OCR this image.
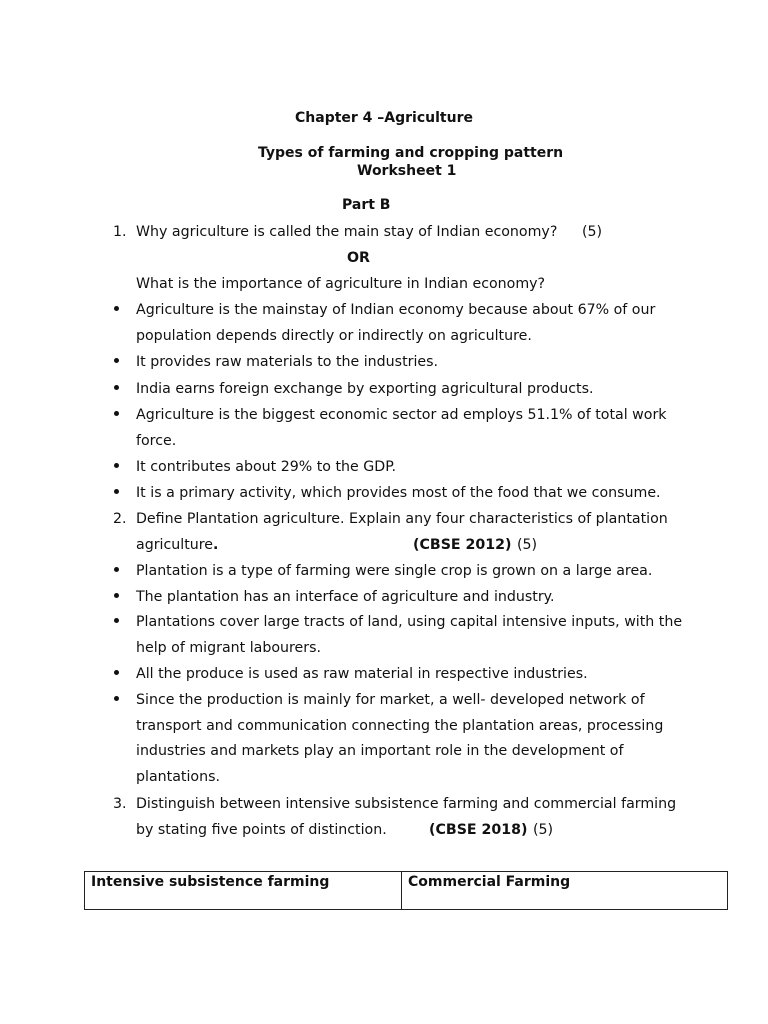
Chapter 4 –Agriculture
Types of farming and cropping pattern
Worksheet 1
Part B
1. Why agriculture is called the main stay of Indian economy? (5)
OR
What is the importance of agriculture in Indian economy?
Agriculture is the mainstay of Indian economy because about 67% of our
population depends directly or indirectly on agriculture.
It provides raw materials to the industries.
India earns foreign exchange by exporting agricultural products.
Agriculture is the biggest economic sector ad employs 51.1% of total work
force.
It contributes about 29% to the GDP.
It is a primary activity, which provides most of the food that we consume.
2. Define Plantation agriculture. Explain any four characteristics of plantation
agriculture.	(CBSE 2012) (5)
Plantation is a type of farming were single crop is grown on a large area.
The plantation has an interface of agriculture and industry.
Plantations cover large tracts of land, using capital intensive inputs, with the
help of migrant labourers.
All the produce is used as raw material in respective industries.
Since the production is mainly for market, a well- developed network of
transport and communication connecting the plantation areas, processing
industries and markets play an important role in the development of
plantations.
3. Distinguish between intensive subsistence farming and commercial farming
by stating five points of distinction.	(CBSE 2018) (5)
Intensive subsistence farming	Commercial Farming
